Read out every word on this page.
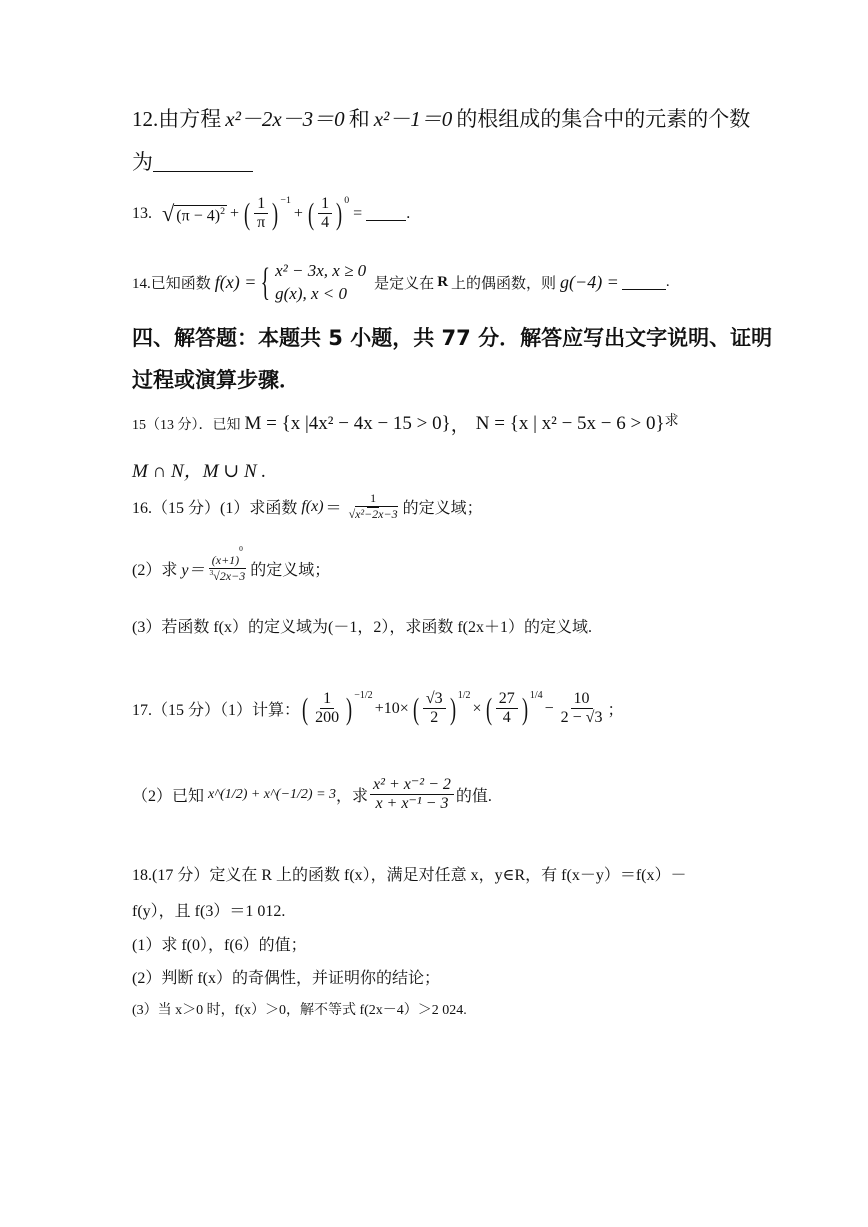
12.由方程 x²－2x－3＝0 和 x²－1＝0 的根组成的集合中的元素的个数
为
13. √ $(\pi - 4)^2$ + ( $\frac{1}{\pi} )^{-1}$
+ ( $\frac{1}{4} )^0$
=	.
14.已知函数 f(x) = { x² − 3x, x ≥ 0
g(x), x < 0	是定义在 R 上的偶函数，则 g(−4) =	.
四、解答题：本题共 5 小题，共 77 分．解答应写出文字说明、证明
过程或演算步骤．
15（13 分）．已知 M = {x |4x² − 4x − 15 > 0} ， N = {x | x² − 5x − 6 > 0} 求
M ∩ N，M ∪ N .
16.（15 分）(1）求函数 $f(x) = \frac{1}{\text{√x²−2x−3}}$ 的定义域；
(2）求 $y= \frac{(x+1)^0}{^3√2x-3}$ 的定义域；
(3）若函数 f(x）的定义域为(－1，2），求函数 f(2x＋1）的定义域.
17.（15 分）（1）计算： ( $\frac{1}{200} )^{-1/2}$
+10× ( $\frac{√3}{2} )^{1/2}$
× ( $\frac{27}{4} )^{1/4}$
− $\frac{10}{2 - √3}$ ；
（2）已知 x^(1/2) + x^(−1/2) = 3 ，求 $\frac{\text{x² + x⁻² − 2}}{\text{x + x⁻¹ − 3}}$ 的值.
18.(17 分）定义在 R 上的函数 f(x），满足对任意 x，y∈R，有 f(x－y）＝f(x）－
f(y），且 f(3）＝1 012.
(1）求 f(0），f(6）的值；
(2）判断 f(x）的奇偶性，并证明你的结论；
(3）当 x＞0 时，f(x）＞0，解不等式 f(2x－4）＞2 024.
